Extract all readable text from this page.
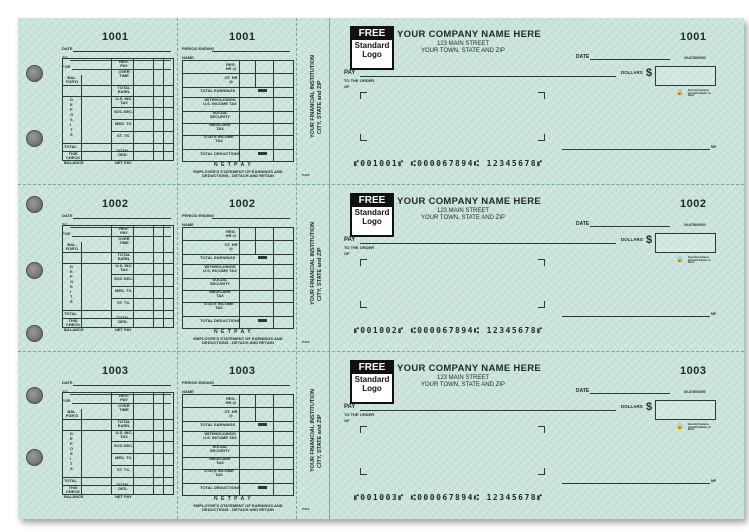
1001
DATE
TO
FOR
BAL. FOR'D
D E P O S I T S
TOTAL
THIS CHECK
BALANCE
REG. PAY
OVER TIME
TOTAL EARN.
U.S. INC. TAX
SOC.SEC.
MED. TX.
ST. TX.
TOTAL DED.
NET PAY
1001
PERIOD ENDING
NAME
REG. HR @
OT. HR @
TOTAL EARNINGS
WITHHOLDINGS U.S. INCOME TAX
SOCIAL SECURITY
MEDICARE TAX
STATE INCOME TAX
TOTAL DEDUCTIONS
N E T P A Y
EMPLOYEE'S STATEMENT OF EARNINGS AND DEDUCTIONS - DETACH AND RETAIN	P4V3
YOUR FINANCIAL INSTITUTION CITY, STATE and ZIP
FREE
Standard
Logo
YOUR COMPANY NAME HERE
123 MAIN STREET
YOUR TOWN, STATE AND ZIP
1001
DATE	00-6789/0000
PAY	DOLLARS $
TO THE ORDER
OF
Security Features Included Details on Back
🔒
MP
⑈001001⑈ ⑆000067894⑆ 12345678⑈
1002
DATE
TO
FOR
BAL. FOR'D
D E P O S I T S
TOTAL
THIS CHECK
BALANCE
REG. PAY
OVER TIME
TOTAL EARN.
U.S. INC. TAX
SOC.SEC.
MED. TX.
ST. TX.
TOTAL DED.
NET PAY
1002
PERIOD ENDING
NAME
REG. HR @
OT. HR @
TOTAL EARNINGS
WITHHOLDINGS U.S. INCOME TAX
SOCIAL SECURITY
MEDICARE TAX
STATE INCOME TAX
TOTAL DEDUCTIONS
N E T P A Y
EMPLOYEE'S STATEMENT OF EARNINGS AND DEDUCTIONS - DETACH AND RETAIN	P4V3
YOUR FINANCIAL INSTITUTION CITY, STATE and ZIP
FREE
Standard
Logo
YOUR COMPANY NAME HERE
123 MAIN STREET
YOUR TOWN, STATE AND ZIP
1002
DATE	00-6789/0000
PAY	DOLLARS $
TO THE ORDER
OF
Security Features Included Details on Back
🔒
MP
⑈001002⑈ ⑆000067894⑆ 12345678⑈
1003
DATE
TO
FOR
BAL. FOR'D
D E P O S I T S
TOTAL
THIS CHECK
BALANCE
REG. PAY
OVER TIME
TOTAL EARN.
U.S. INC. TAX
SOC.SEC.
MED. TX.
ST. TX.
TOTAL DED.
NET PAY
1003
PERIOD ENDING
NAME
REG. HR @
OT. HR @
TOTAL EARNINGS
WITHHOLDINGS U.S. INCOME TAX
SOCIAL SECURITY
MEDICARE TAX
STATE INCOME TAX
TOTAL DEDUCTIONS
N E T P A Y
EMPLOYEE'S STATEMENT OF EARNINGS AND DEDUCTIONS - DETACH AND RETAIN	P4V3
YOUR FINANCIAL INSTITUTION CITY, STATE and ZIP
FREE
Standard
Logo
YOUR COMPANY NAME HERE
123 MAIN STREET
YOUR TOWN, STATE AND ZIP
1003
DATE	00-6789/0000
PAY	DOLLARS $
TO THE ORDER
OF
Security Features Included Details on Back
🔒
MP
⑈001003⑈ ⑆000067894⑆ 12345678⑈
